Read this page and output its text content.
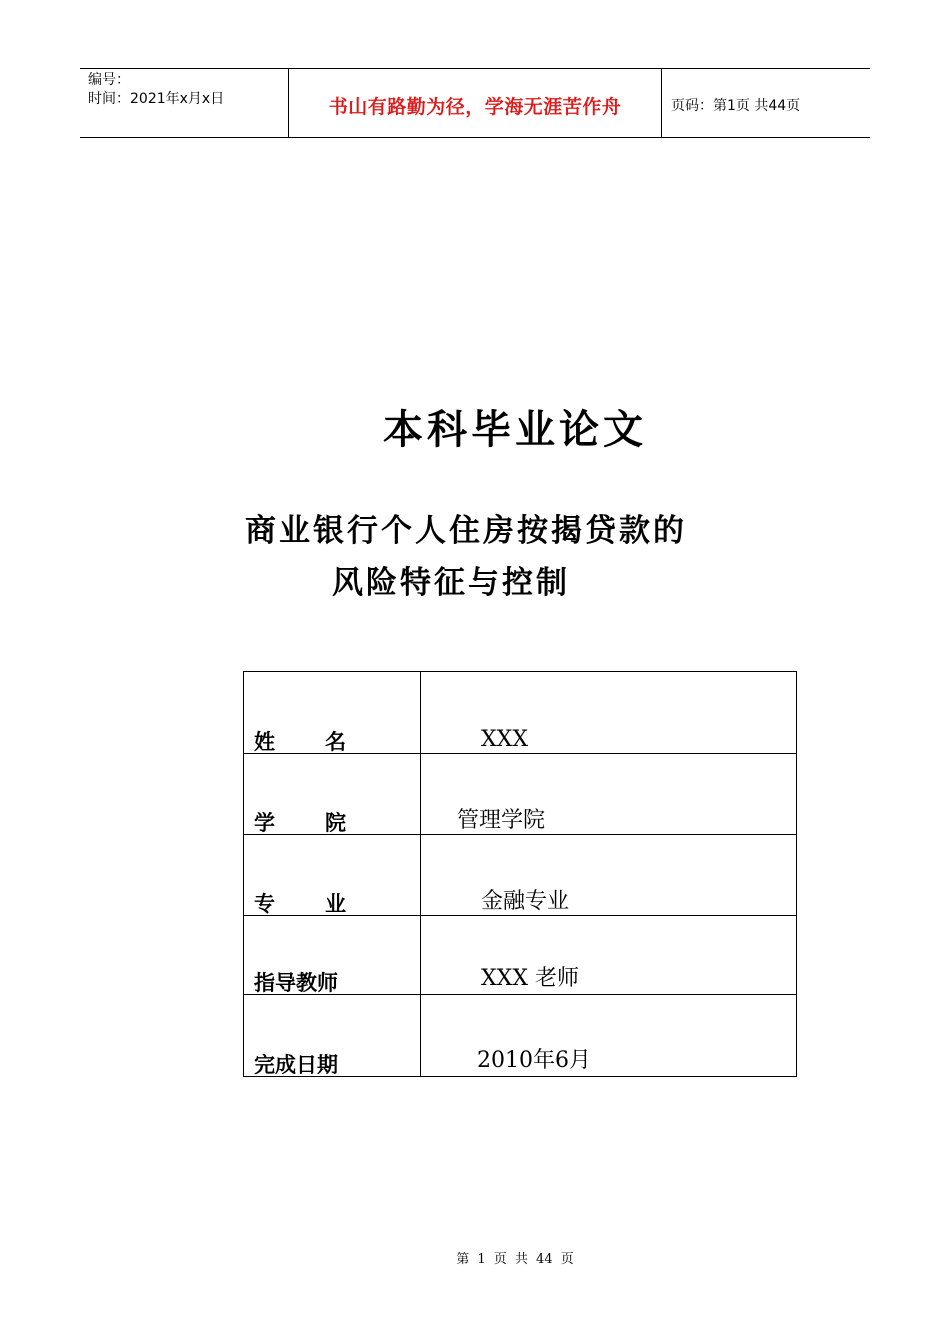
编号：
时间：2021年x月x日	书山有路勤为径，学海无涯苦作舟	页码：第1页 共44页
本科毕业论文
商业银行个人住房按揭贷款的
风险特征与控制
姓 名	XXX

学 院	管理学院

专 业	金融专业

指导教师	XXX 老师

完成日期	2010年6月
第 1 页 共 44 页
